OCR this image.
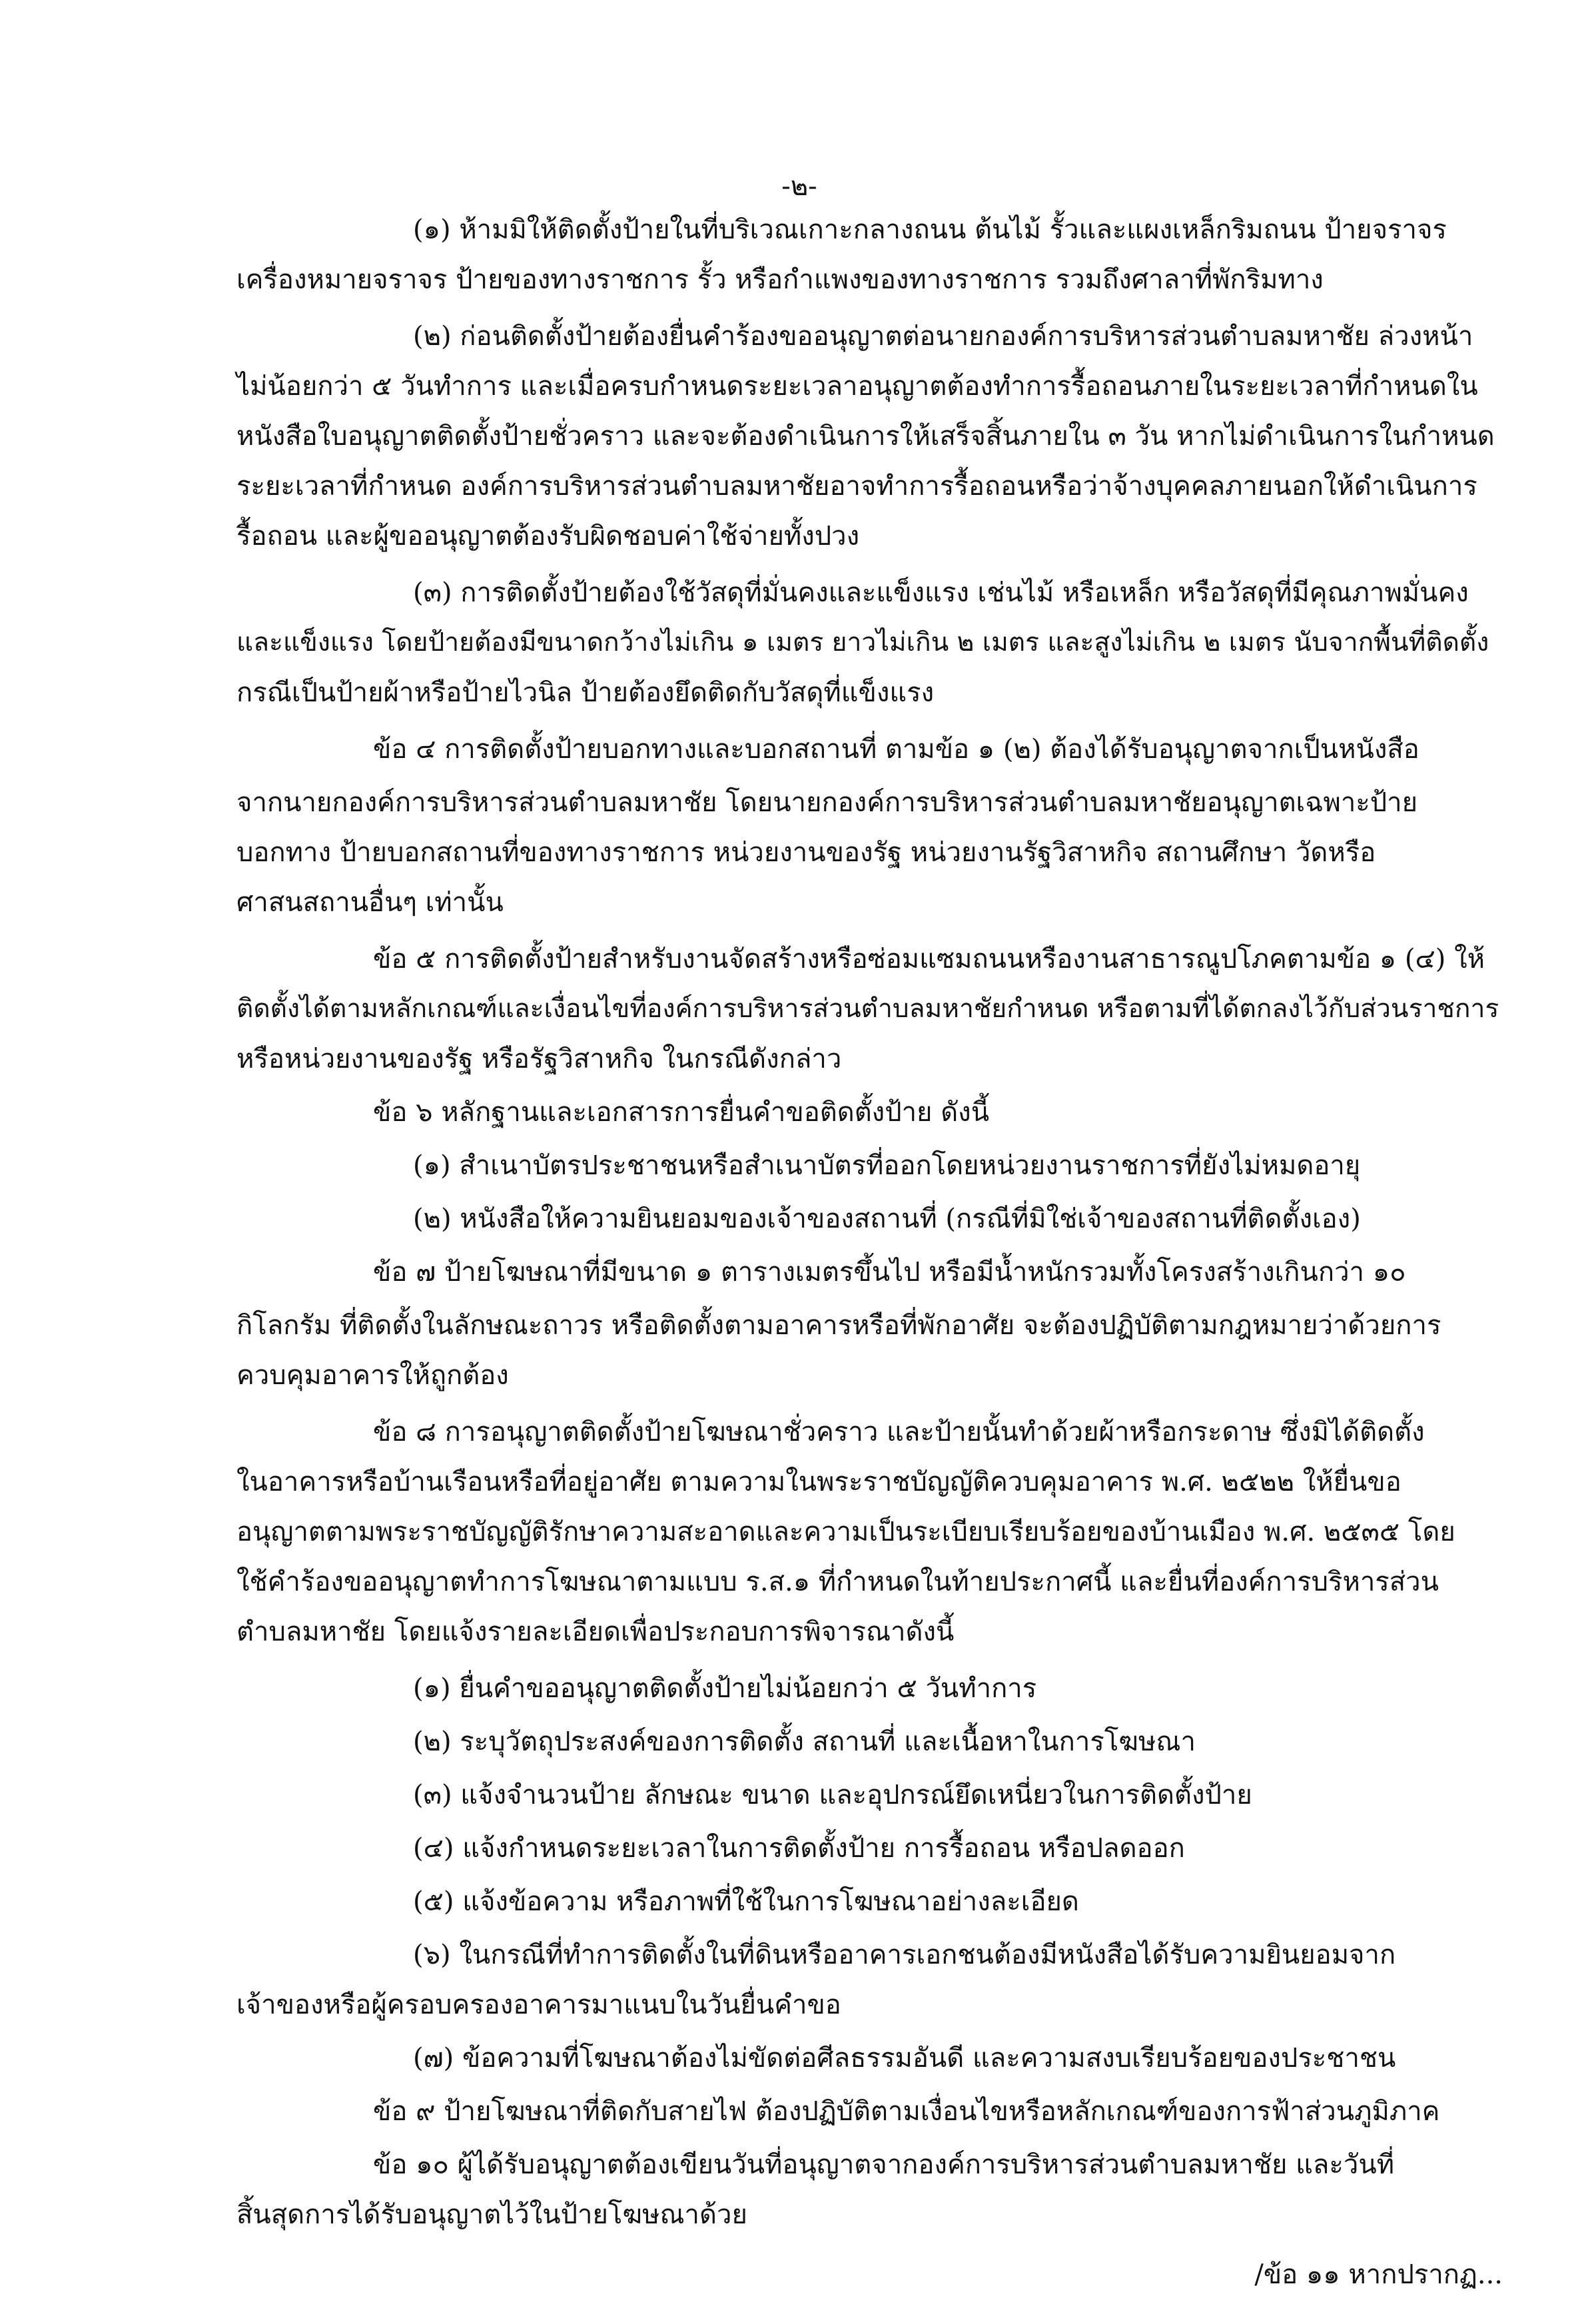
-๒-
(๑) ห้ามมิให้ติดตั้งป้ายในที่บริเวณเกาะกลางถนน ต้นไม้ รั้วและแผงเหล็กริมถนน ป้ายจราจร
เครื่องหมายจราจร ป้ายของทางราชการ รั้ว หรือกำแพงของทางราชการ รวมถึงศาลาที่พักริมทาง
(๒) ก่อนติดตั้งป้ายต้องยื่นคำร้องขออนุญาตต่อนายกองค์การบริหารส่วนตำบลมหาชัย ล่วงหน้า
ไม่น้อยกว่า ๕ วันทำการ และเมื่อครบกำหนดระยะเวลาอนุญาตต้องทำการรื้อถอนภายในระยะเวลาที่กำหนดใน
หนังสือใบอนุญาตติดตั้งป้ายชั่วคราว และจะต้องดำเนินการให้เสร็จสิ้นภายใน ๓ วัน หากไม่ดำเนินการในกำหนด
ระยะเวลาที่กำหนด องค์การบริหารส่วนตำบลมหาชัยอาจทำการรื้อถอนหรือว่าจ้างบุคคลภายนอกให้ดำเนินการ
รื้อถอน และผู้ขออนุญาตต้องรับผิดชอบค่าใช้จ่ายทั้งปวง
(๓) การติดตั้งป้ายต้องใช้วัสดุที่มั่นคงและแข็งแรง เช่นไม้ หรือเหล็ก หรือวัสดุที่มีคุณภาพมั่นคง
และแข็งแรง โดยป้ายต้องมีขนาดกว้างไม่เกิน ๑ เมตร ยาวไม่เกิน ๒ เมตร และสูงไม่เกิน ๒ เมตร นับจากพื้นที่ติดตั้ง
กรณีเป็นป้ายผ้าหรือป้ายไวนิล ป้ายต้องยึดติดกับวัสดุที่แข็งแรง
ข้อ ๔ การติดตั้งป้ายบอกทางและบอกสถานที่ ตามข้อ ๑ (๒) ต้องได้รับอนุญาตจากเป็นหนังสือ
จากนายกองค์การบริหารส่วนตำบลมหาชัย โดยนายกองค์การบริหารส่วนตำบลมหาชัยอนุญาตเฉพาะป้าย
บอกทาง ป้ายบอกสถานที่ของทางราชการ หน่วยงานของรัฐ หน่วยงานรัฐวิสาหกิจ สถานศึกษา วัดหรือ
ศาสนสถานอื่นๆ เท่านั้น
ข้อ ๕ การติดตั้งป้ายสำหรับงานจัดสร้างหรือซ่อมแซมถนนหรืองานสาธารณูปโภคตามข้อ ๑ (๔) ให้
ติดตั้งได้ตามหลักเกณฑ์และเงื่อนไขที่องค์การบริหารส่วนตำบลมหาชัยกำหนด หรือตามที่ได้ตกลงไว้กับส่วนราชการ
หรือหน่วยงานของรัฐ หรือรัฐวิสาหกิจ ในกรณีดังกล่าว
ข้อ ๖ หลักฐานและเอกสารการยื่นคำขอติดตั้งป้าย ดังนี้
(๑) สำเนาบัตรประชาชนหรือสำเนาบัตรที่ออกโดยหน่วยงานราชการที่ยังไม่หมดอายุ
(๒) หนังสือให้ความยินยอมของเจ้าของสถานที่ (กรณีที่มิใช่เจ้าของสถานที่ติดตั้งเอง)
ข้อ ๗ ป้ายโฆษณาที่มีขนาด ๑ ตารางเมตรขึ้นไป หรือมีน้ำหนักรวมทั้งโครงสร้างเกินกว่า ๑๐
กิโลกรัม ที่ติดตั้งในลักษณะถาวร หรือติดตั้งตามอาคารหรือที่พักอาศัย จะต้องปฏิบัติตามกฎหมายว่าด้วยการ
ควบคุมอาคารให้ถูกต้อง
ข้อ ๘ การอนุญาตติดตั้งป้ายโฆษณาชั่วคราว และป้ายนั้นทำด้วยผ้าหรือกระดาษ ซึ่งมิได้ติดตั้ง
ในอาคารหรือบ้านเรือนหรือที่อยู่อาศัย ตามความในพระราชบัญญัติควบคุมอาคาร พ.ศ. ๒๕๒๒ ให้ยื่นขอ
อนุญาตตามพระราชบัญญัติรักษาความสะอาดและความเป็นระเบียบเรียบร้อยของบ้านเมือง พ.ศ. ๒๕๓๕ โดย
ใช้คำร้องขออนุญาตทำการโฆษณาตามแบบ ร.ส.๑ ที่กำหนดในท้ายประกาศนี้ และยื่นที่องค์การบริหารส่วน
ตำบลมหาชัย โดยแจ้งรายละเอียดเพื่อประกอบการพิจารณาดังนี้
(๑) ยื่นคำขออนุญาตติดตั้งป้ายไม่น้อยกว่า ๕ วันทำการ
(๒) ระบุวัตถุประสงค์ของการติดตั้ง สถานที่ และเนื้อหาในการโฆษณา
(๓) แจ้งจำนวนป้าย ลักษณะ ขนาด และอุปกรณ์ยึดเหนี่ยวในการติดตั้งป้าย
(๔) แจ้งกำหนดระยะเวลาในการติดตั้งป้าย การรื้อถอน หรือปลดออก
(๕) แจ้งข้อความ หรือภาพที่ใช้ในการโฆษณาอย่างละเอียด
(๖) ในกรณีที่ทำการติดตั้งในที่ดินหรืออาคารเอกชนต้องมีหนังสือได้รับความยินยอมจาก
เจ้าของหรือผู้ครอบครองอาคารมาแนบในวันยื่นคำขอ
(๗) ข้อความที่โฆษณาต้องไม่ขัดต่อศีลธรรมอันดี และความสงบเรียบร้อยของประชาชน
ข้อ ๙ ป้ายโฆษณาที่ติดกับสายไฟ ต้องปฏิบัติตามเงื่อนไขหรือหลักเกณฑ์ของการฟ้าส่วนภูมิภาค
ข้อ ๑๐ ผู้ได้รับอนุญาตต้องเขียนวันที่อนุญาตจากองค์การบริหารส่วนตำบลมหาชัย และวันที่
สิ้นสุดการได้รับอนุญาตไว้ในป้ายโฆษณาด้วย
/ข้อ ๑๑ หากปรากฏ...
